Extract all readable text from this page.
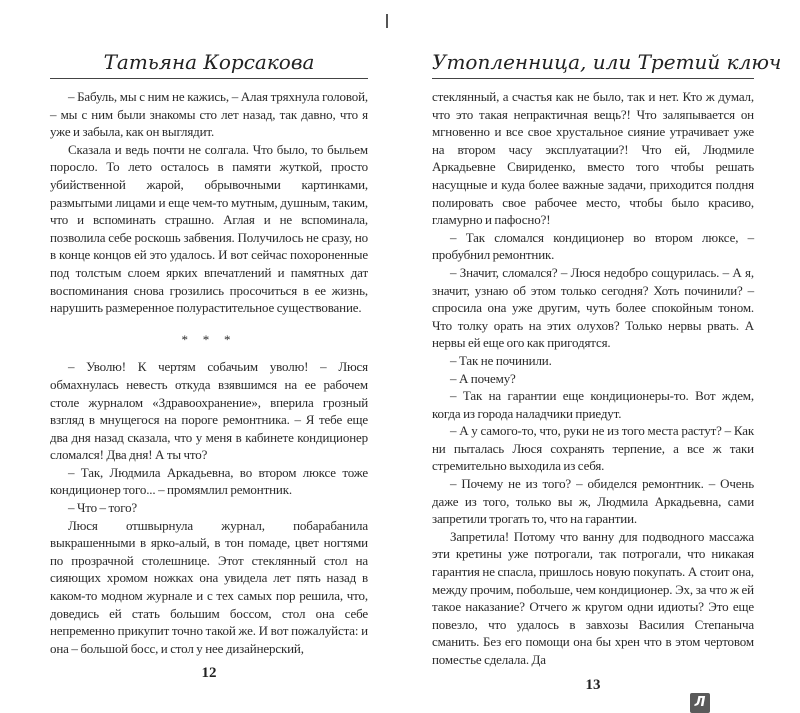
Татьяна Корсакова

– Бабуль, мы с ним не кажись, – Алая тряхнула головой, – мы с ним были знакомы сто лет назад, так давно, что я уже и забыла, как он выглядит.

Сказала и ведь почти не солгала. Что было, то быльем поросло. То лето осталось в памяти жуткой, просто убийственной жарой, обрывочными картинками, размытыми лицами и еще чем-то мутным, душным, таким, что и вспоминать страшно. Аглая и не вспоминала, позволила себе роскошь забвения. Получилось не сразу, но в конце концов ей это удалось. И вот сейчас похороненные под толстым слоем ярких впечатлений и памятных дат воспоминания снова грозились просочиться в ее жизнь, нарушить размеренное полурастительное существование.

* * *

– Уволю! К чертям собачьим уволю! – Люся обмахнулась невесть откуда взявшимся на ее рабочем столе журналом «Здравоохранение», вперила грозный взгляд в мнущегося на пороге ремонтника. – Я тебе еще два дня назад сказала, что у меня в кабинете кондиционер сломался! Два дня! А ты что?

– Так, Людмила Аркадьевна, во втором люксе тоже кондиционер того... – промямлил ремонтник.

– Что – того?

Люся отшвырнула журнал, побарабанила выкрашенными в ярко-алый, в тон помаде, цвет ногтями по прозрачной столешнице. Этот стеклянный стол на сияющих хромом ножках она увидела лет пять назад в каком-то модном журнале и с тех самых пор решила, что, доведись ей стать большим боссом, стол она себе непременно прикупит точно такой же. И вот пожалуйста: и она – большой босс, и стол у нее дизайнерский,

12
Утопленница, или Третий ключ

стеклянный, а счастья как не было, так и нет. Кто ж думал, что это такая непрактичная вещь?! Что заляпывается он мгновенно и все свое хрустальное сияние утрачивает уже на втором часу эксплуатации?! Что ей, Людмиле Аркадьевне Свириденко, вместо того чтобы решать насущные и куда более важные задачи, приходится полдня полировать свое рабочее место, чтобы было красиво, гламурно и пафосно?!

– Так сломался кондиционер во втором люксе, – пробубнил ремонтник.

– Значит, сломался? – Люся недобро сощурилась. – А я, значит, узнаю об этом только сегодня? Хоть починили? – спросила она уже другим, чуть более спокойным тоном. Что толку орать на этих олухов? Только нервы рвать. А нервы ей еще ого как пригодятся.

– Так не починили.

– А почему?

– Так на гарантии еще кондиционеры-то. Вот ждем, когда из города наладчики приедут.

– А у самого-то, что, руки не из того места растут? – Как ни пыталась Люся сохранять терпение, а все ж таки стремительно выходила из себя.

– Почему не из того? – обиделся ремонтник. – Очень даже из того, только вы ж, Людмила Аркадьевна, сами запретили трогать то, что на гарантии.

Запретила! Потому что ванну для подводного массажа эти кретины уже потрогали, так потрогали, что никакая гарантия не спасла, пришлось новую покупать. А стоит она, между прочим, побольше, чем кондиционер. Эх, за что ж ей такое наказание? Отчего ж кругом одни идиоты? Это еще повезло, что удалось в завхозы Василия Степаныча сманить. Без его помощи она бы хрен что в этом чертовом поместье сделала. Да

13
Л
